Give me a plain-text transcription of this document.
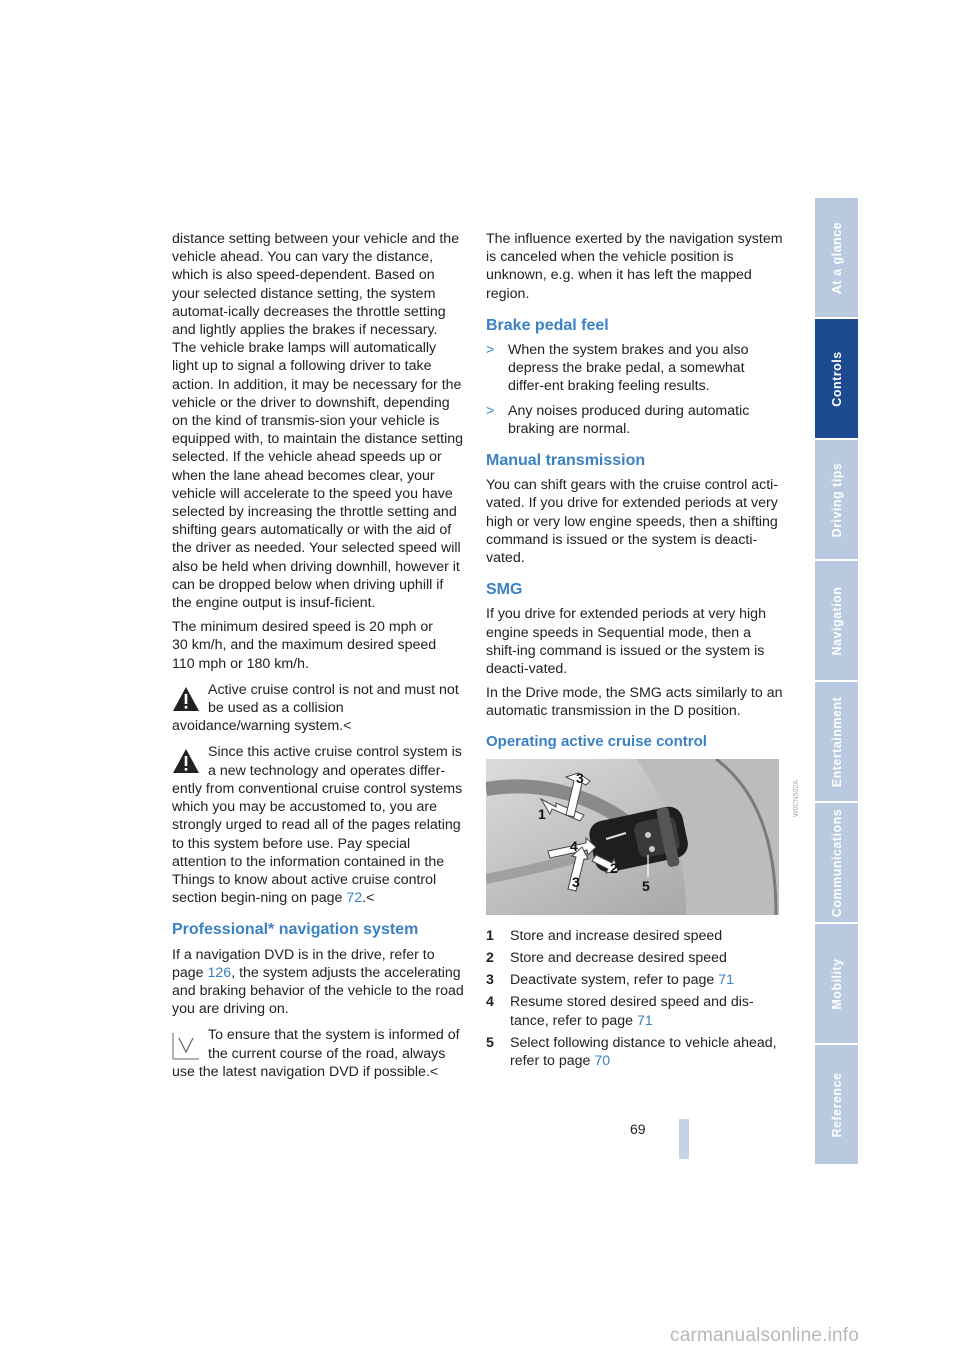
distance setting between your vehicle and the vehicle ahead. You can vary the distance, which is also speed-dependent. Based on your selected distance setting, the system automat-ically decreases the throttle setting and lightly applies the brakes if necessary. The vehicle brake lamps will automatically light up to signal a following driver to take action. In addition, it may be necessary for the vehicle or the driver to downshift, depending on the kind of transmis-sion your vehicle is equipped with, to maintain the distance setting selected. If the vehicle ahead speeds up or when the lane ahead becomes clear, your vehicle will accelerate to the speed you have selected by increasing the throttle setting and shifting gears automatically or with the aid of the driver as needed. Your selected speed will also be held when driving downhill, however it can be dropped below when driving uphill if the engine output is insuf-ficient.

The minimum desired speed is 20 mph or
30 km/h, and the maximum desired speed
110 mph or 180 km/h.
Active cruise control is not and must not
be used as a collision avoidance/warning system.<
Since this active cruise control system is
a new technology and operates differ-ently from conventional cruise control systems which you may be accustomed to, you are strongly urged to read all of the pages relating to this system before use. Pay special attention to the information contained in the Things to know about active cruise control section begin-ning on page 72.<
Professional* navigation system

If a navigation DVD is in the drive, refer to page 126, the system adjusts the accelerating and braking behavior of the vehicle to the road you are driving on.

To ensure that the system is informed of
the current course of the road, always use the latest navigation DVD if possible.<

The influence exerted by the navigation system is canceled when the vehicle position is unknown, e.g. when it has left the mapped region.

Brake pedal feel
> When the system brakes and you also depress the brake pedal, a somewhat differ-ent braking feeling results.
> Any noises produced during automatic braking are normal.
Manual transmission

You can shift gears with the cruise control acti-vated. If you drive for extended periods at very high or very low engine speeds, then a shifting command is issued or the system is deacti-vated.

SMG

If you drive for extended periods at very high engine speeds in Sequential mode, then a shift-ing command is issued or the system is deacti-vated.

In the Drive mode, the SMG acts similarly to an automatic transmission in the D position.

Operating active cruise control
1
2
3
3
4
5
W0CN502A
1	Store and increase desired speed
2	Store and decrease desired speed
3	Deactivate system, refer to page 71
4	Resume stored desired speed and dis-tance, refer to page 71
5	Select following distance to vehicle ahead, refer to page 70
At a glance
Controls
Driving tips
Navigation
Entertainment
Communications
Mobility
Reference
69
carmanualsonline.info
